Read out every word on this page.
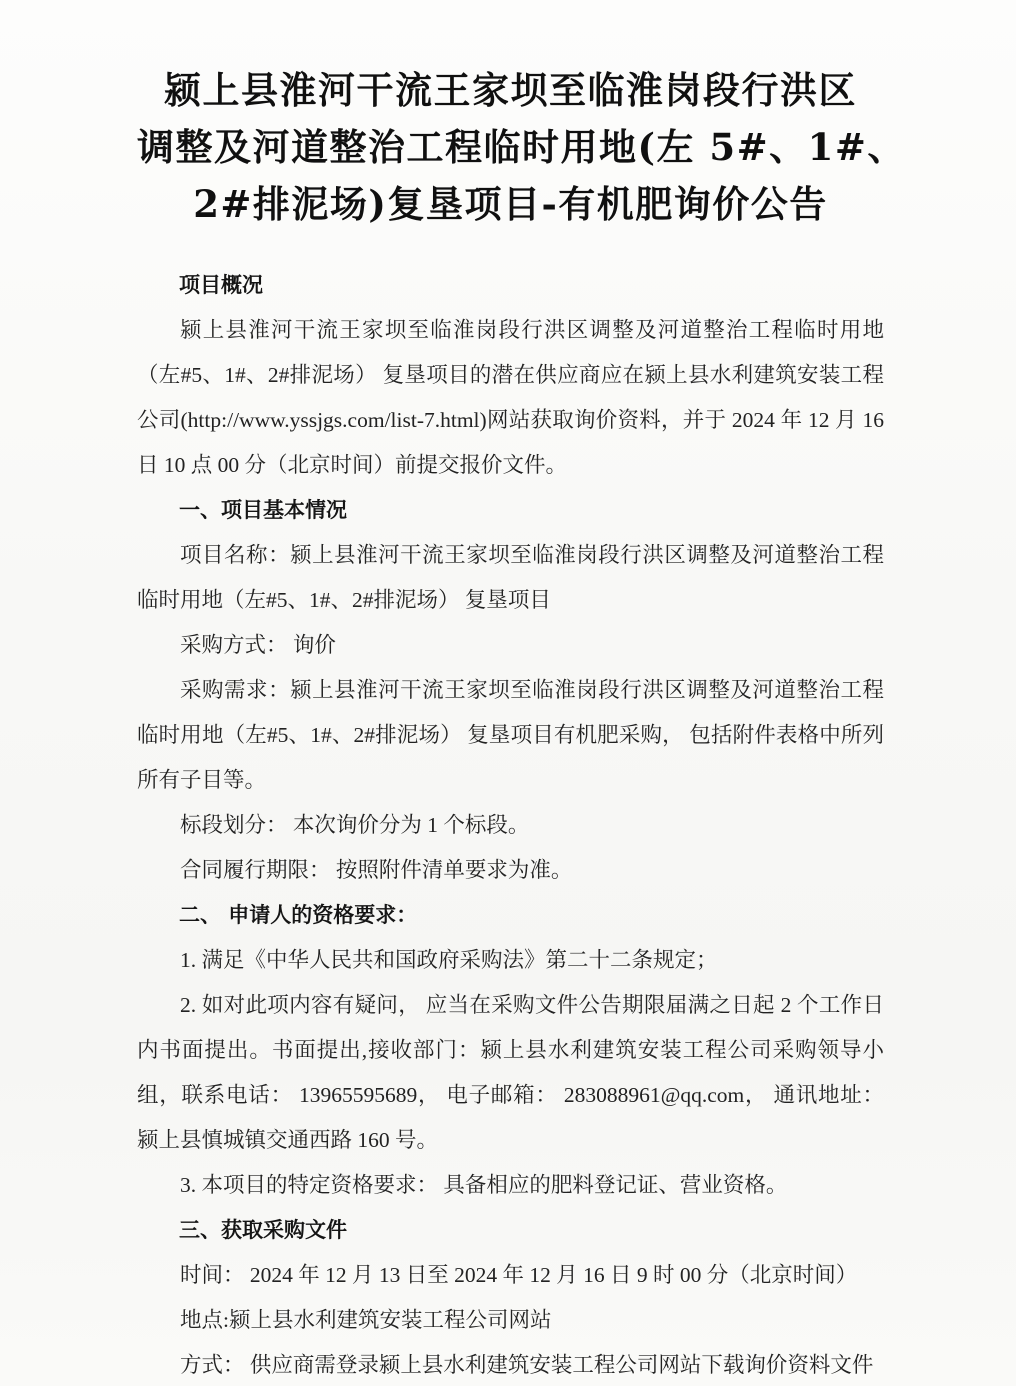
颍上县淮河干流王家坝至临淮岗段行洪区
调整及河道整治工程临时用地(左 5#、1#、
2#排泥场)复垦项目-有机肥询价公告

项目概况

颍上县淮河干流王家坝至临淮岗段行洪区调整及河道整治工程临时用地（左#5、1#、2#排泥场） 复垦项目的潜在供应商应在颍上县水利建筑安装工程公司(http://www.yssjgs.com/list-7.html)网站获取询价资料，并于 2024 年 12 月 16 日 10 点 00 分（北京时间）前提交报价文件。

一、项目基本情况

项目名称：颍上县淮河干流王家坝至临淮岗段行洪区调整及河道整治工程临时用地（左#5、1#、2#排泥场） 复垦项目

采购方式： 询价

采购需求：颍上县淮河干流王家坝至临淮岗段行洪区调整及河道整治工程临时用地（左#5、1#、2#排泥场） 复垦项目有机肥采购， 包括附件表格中所列所有子目等。

标段划分： 本次询价分为 1 个标段。

合同履行期限： 按照附件清单要求为准。

二、 申请人的资格要求：

1. 满足《中华人民共和国政府采购法》第二十二条规定；

2. 如对此项内容有疑问， 应当在采购文件公告期限届满之日起 2 个工作日内书面提出。书面提出,接收部门：颍上县水利建筑安装工程公司采购领导小组，联系电话： 13965595689， 电子邮箱： 283088961@qq.com， 通讯地址： 颍上县慎城镇交通西路 160 号。

3. 本项目的特定资格要求： 具备相应的肥料登记证、营业资格。

三、获取采购文件

时间： 2024 年 12 月 13 日至 2024 年 12 月 16 日 9 时 00 分（北京时间）

地点:颍上县水利建筑安装工程公司网站

方式： 供应商需登录颍上县水利建筑安装工程公司网站下载询价资料文件
